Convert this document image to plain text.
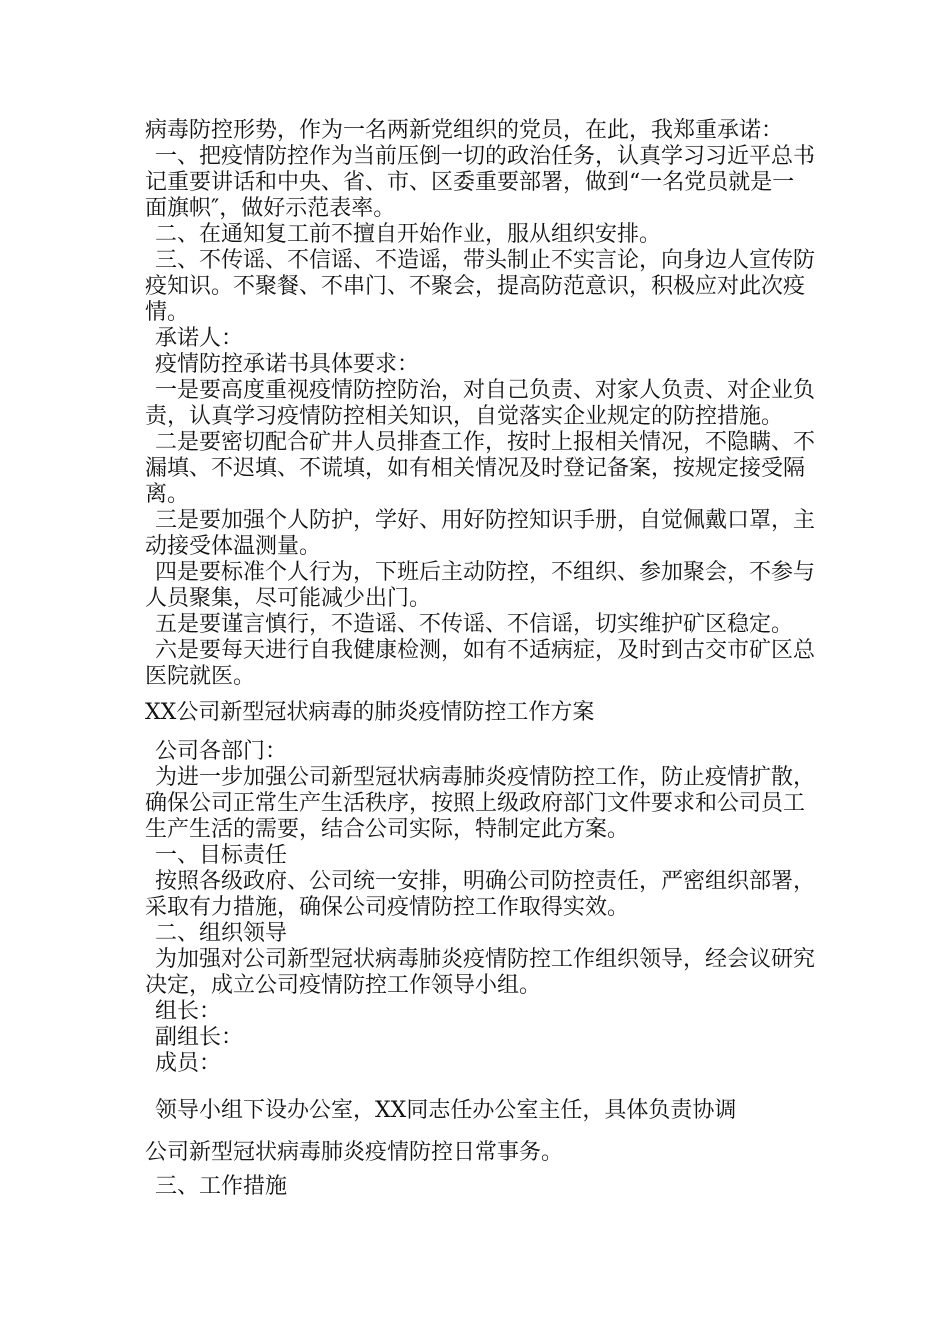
病毒防控形势，作为一名两新党组织的党员，在此，我郑重承诺：

一、把疫情防控作为当前压倒一切的政治任务，认真学习习近平总书记重要讲话和中央、省、市、区委重要部署，做到“一名党员就是一面旗帜″，做好示范表率。

二、在通知复工前不擅自开始作业，服从组织安排。

三、不传谣、不信谣、不造谣，带头制止不实言论，向身边人宣传防疫知识。不聚餐、不串门、不聚会，提高防范意识，积极应对此次疫情。

承诺人：

疫情防控承诺书具体要求：

一是要高度重视疫情防控防治，对自己负责、对家人负责、对企业负责，认真学习疫情防控相关知识，自觉落实企业规定的防控措施。

二是要密切配合矿井人员排查工作，按时上报相关情况，不隐瞒、不漏填、不迟填、不谎填，如有相关情况及时登记备案，按规定接受隔离。

三是要加强个人防护，学好、用好防控知识手册，自觉佩戴口罩，主动接受体温测量。

四是要标准个人行为，下班后主动防控，不组织、参加聚会，不参与人员聚集，尽可能减少出门。

五是要谨言慎行，不造谣、不传谣、不信谣，切实维护矿区稳定。

六是要每天进行自我健康检测，如有不适病症，及时到古交市矿区总医院就医。

XX公司新型冠状病毒的肺炎疫情防控工作方案

公司各部门：

为进一步加强公司新型冠状病毒肺炎疫情防控工作，防止疫情扩散，确保公司正常生产生活秩序，按照上级政府部门文件要求和公司员工生产生活的需要，结合公司实际，特制定此方案。

一、目标责任

按照各级政府、公司统一安排，明确公司防控责任，严密组织部署，采取有力措施，确保公司疫情防控工作取得实效。

二、组织领导

为加强对公司新型冠状病毒肺炎疫情防控工作组织领导，经会议研究决定，成立公司疫情防控工作领导小组。

组长：

副组长：

成员：

领导小组下设办公室，XX同志任办公室主任，具体负责协调

公司新型冠状病毒肺炎疫情防控日常事务。

三、工作措施
